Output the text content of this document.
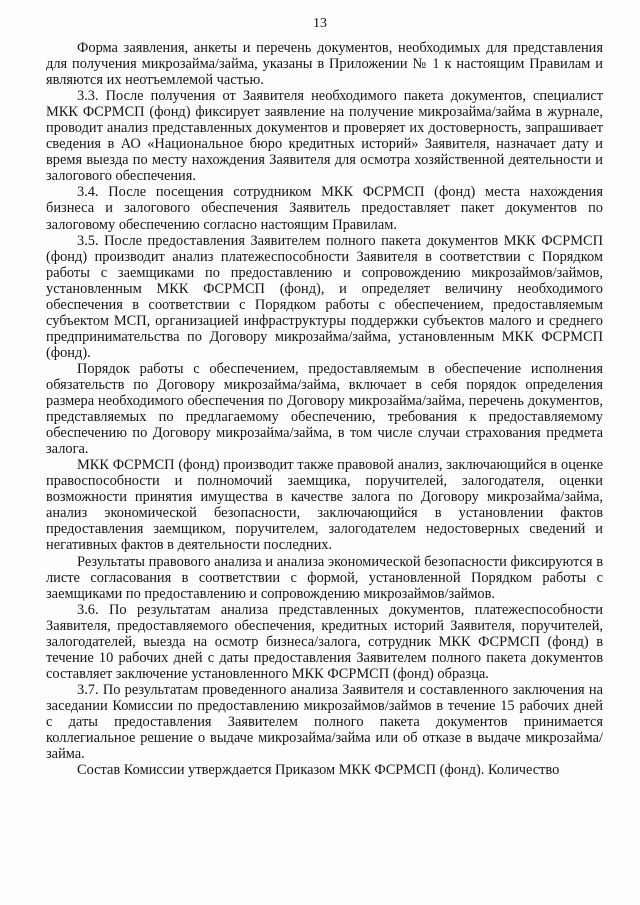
13

Форма заявления, анкеты и перечень документов, необходимых для представления для получения микрозайма/займа, указаны в Приложении № 1 к настоящим Правилам и являются их неотъемлемой частью.

3.3. После получения от Заявителя необходимого пакета документов, специалист МКК ФСРМСП (фонд) фиксирует заявление на получение микрозайма/займа в журнале, проводит анализ представленных документов и проверяет их достоверность, запрашивает сведения в АО «Национальное бюро кредитных историй» Заявителя, назначает дату и время выезда по месту нахождения Заявителя для осмотра хозяйственной деятельности и залогового обеспечения.

3.4. После посещения сотрудником МКК ФСРМСП (фонд) места нахождения бизнеса и залогового обеспечения Заявитель предоставляет пакет документов по залоговому обеспечению согласно настоящим Правилам.

3.5. После предоставления Заявителем полного пакета документов МКК ФСРМСП (фонд) производит анализ платежеспособности Заявителя в соответствии с Порядком работы с заемщиками по предоставлению и сопровождению микрозаймов/займов, установленным МКК ФСРМСП (фонд), и определяет величину необходимого обеспечения в соответствии с Порядком работы с обеспечением, предоставляемым субъектом МСП, организацией инфраструктуры поддержки субъектов малого и среднего предпринимательства по Договору микрозайма/займа, установленным МКК ФСРМСП (фонд).

Порядок работы с обеспечением, предоставляемым в обеспечение исполнения обязательств по Договору микрозайма/займа, включает в себя порядок определения размера необходимого обеспечения по Договору микрозайма/займа, перечень документов, представляемых по предлагаемому обеспечению, требования к предоставляемому обеспечению по Договору микрозайма/займа, в том числе случаи страхования предмета залога.

МКК ФСРМСП (фонд) производит также правовой анализ, заключающийся в оценке правоспособности и полномочий заемщика, поручителей, залогодателя, оценки возможности принятия имущества в качестве залога по Договору микрозайма/займа, анализ экономической безопасности, заключающийся в установлении фактов предоставления заемщиком, поручителем, залогодателем недостоверных сведений и негативных фактов в деятельности последних.

Результаты правового анализа и анализа экономической безопасности фиксируются в листе согласования в соответствии с формой, установленной Порядком работы с заемщиками по предоставлению и сопровождению микрозаймов/займов.

3.6. По результатам анализа представленных документов, платежеспособности Заявителя, предоставляемого обеспечения, кредитных историй Заявителя, поручителей, залогодателей, выезда на осмотр бизнеса/залога, сотрудник МКК ФСРМСП (фонд) в течение 10 рабочих дней с даты предоставления Заявителем полного пакета документов составляет заключение установленного МКК ФСРМСП (фонд) образца.

3.7. По результатам проведенного анализа Заявителя и составленного заключения на заседании Комиссии по предоставлению микрозаймов/займов в течение 15 рабочих дней с даты предоставления Заявителем полного пакета документов принимается коллегиальное решение о выдаче микрозайма/займа или об отказе в выдаче микрозайма/займа.

Состав Комиссии утверждается Приказом МКК ФСРМСП (фонд). Количество
